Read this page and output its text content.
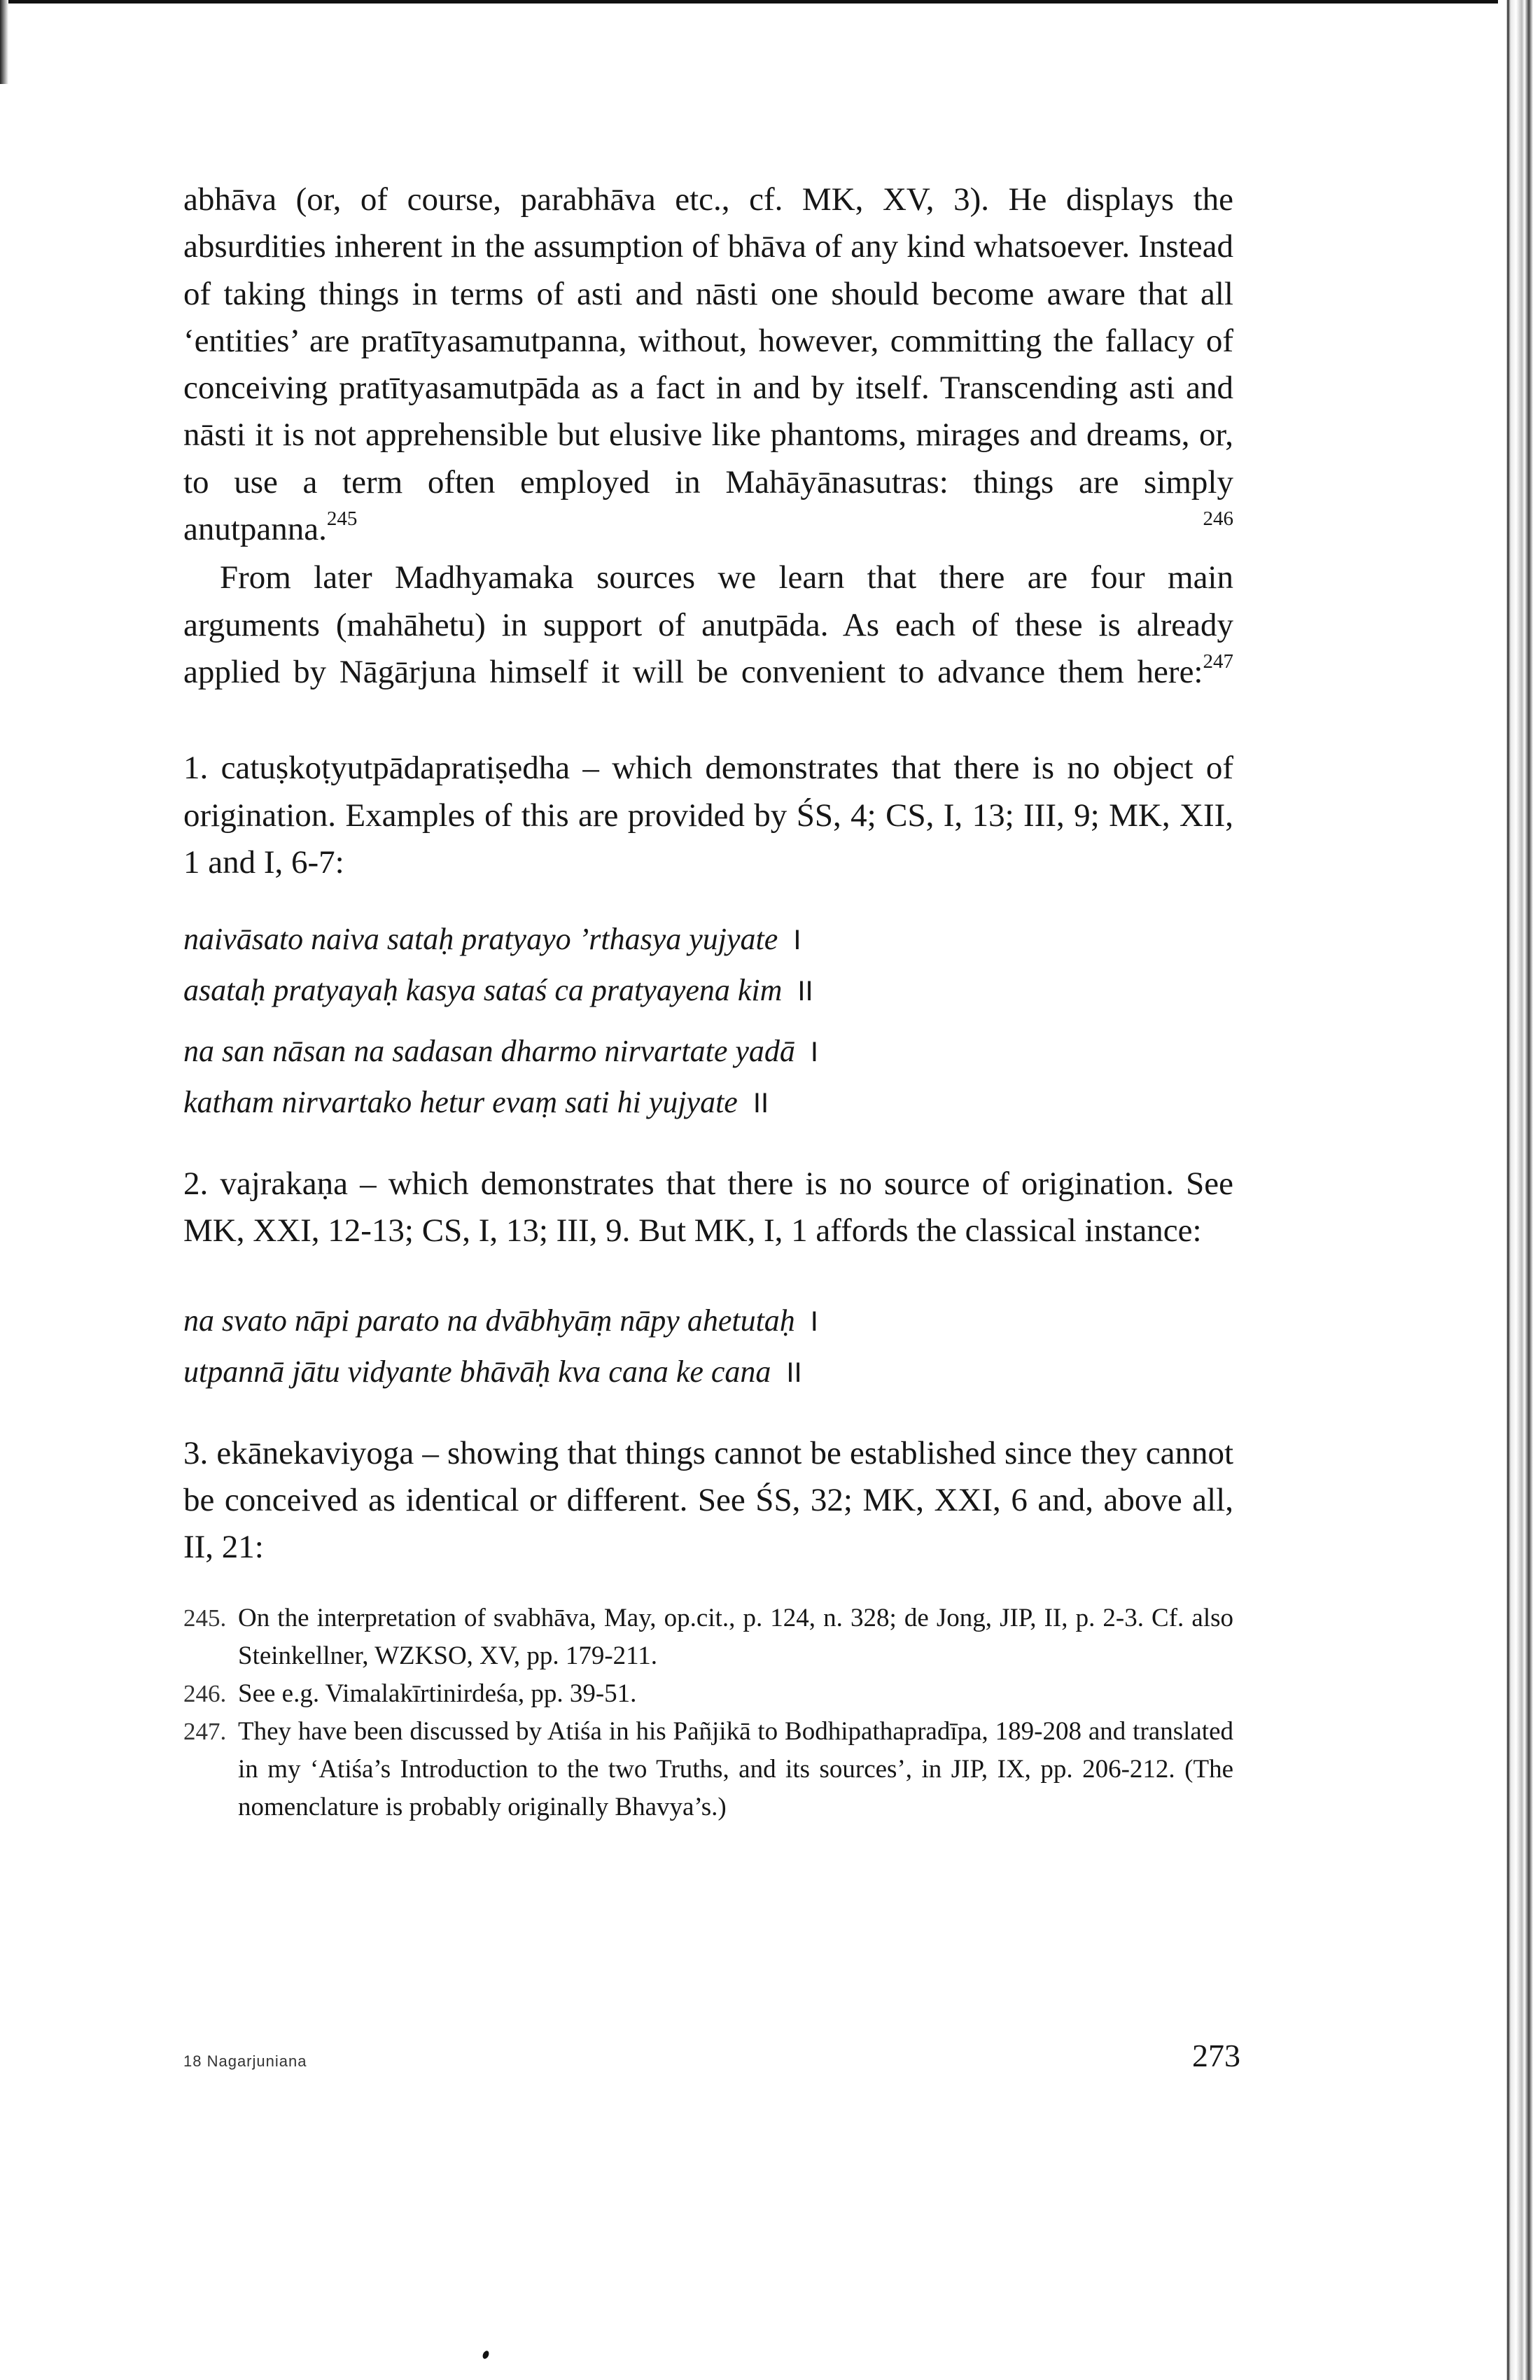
abhāva (or, of course, parabhāva etc., cf. MK, XV, 3). He displays the absurdities inherent in the assumption of bhāva of any kind whatsoever. Instead of taking things in terms of asti and nāsti one should become aware that all ‘entities’ are pratītyasamutpanna, without, however, committing the fallacy of conceiving pratītyasamutpāda as a fact in and by itself. Transcending asti and nāsti it is not apprehensible but elusive like phantoms, mirages and dreams, or, to use a term often employed in Mahāyānasutras: things are simply anutpanna.$^{245}$	$^{246}$

From later Madhyamaka sources we learn that there are four main arguments (mahāhetu) in support of anutpāda. As each of these is already applied by Nāgārjuna himself it will be convenient to advance them here:$^{247}$

1. catuṣkoṭyutpādapratiṣedha – which demonstrates that there is no object of origination. Examples of this are provided by ŚS, 4; CS, I, 13; III, 9; MK, XII, 1 and I, 6-7:

naivāsato naiva sataḥ pratyayo ’rthasya yujyate I

asataḥ pratyayaḥ kasya sataś ca pratyayena kim II

na san nāsan na sadasan dharmo nirvartate yadā I

katham nirvartako hetur evaṃ sati hi yujyate II

2. vajrakaṇa – which demonstrates that there is no source of origination. See MK, XXI, 12-13; CS, I, 13; III, 9. But MK, I, 1 affords the classical instance:

na svato nāpi parato na dvābhyāṃ nāpy ahetutaḥ I

utpannā jātu vidyante bhāvāḥ kva cana ke cana II

3. ekānekaviyoga – showing that things cannot be established since they cannot be conceived as identical or different. See ŚS, 32; MK, XXI, 6 and, above all, II, 21:

245. On the interpretation of svabhāva, May, op.cit., p. 124, n. 328; de Jong, JIP, II, p. 2-3. Cf. also Steinkellner, WZKSO, XV, pp. 179-211.
246. See e.g. Vimalakīrtinirdeśa, pp. 39-51.
247. They have been discussed by Atiśa in his Pañjikā to Bodhipathapradīpa, 189-208 and translated in my ‘Atiśa’s Introduction to the two Truths, and its sources’, in JIP, IX, pp. 206-212. (The nomenclature is probably originally Bhavya’s.)
18 Nagarjuniana	273
